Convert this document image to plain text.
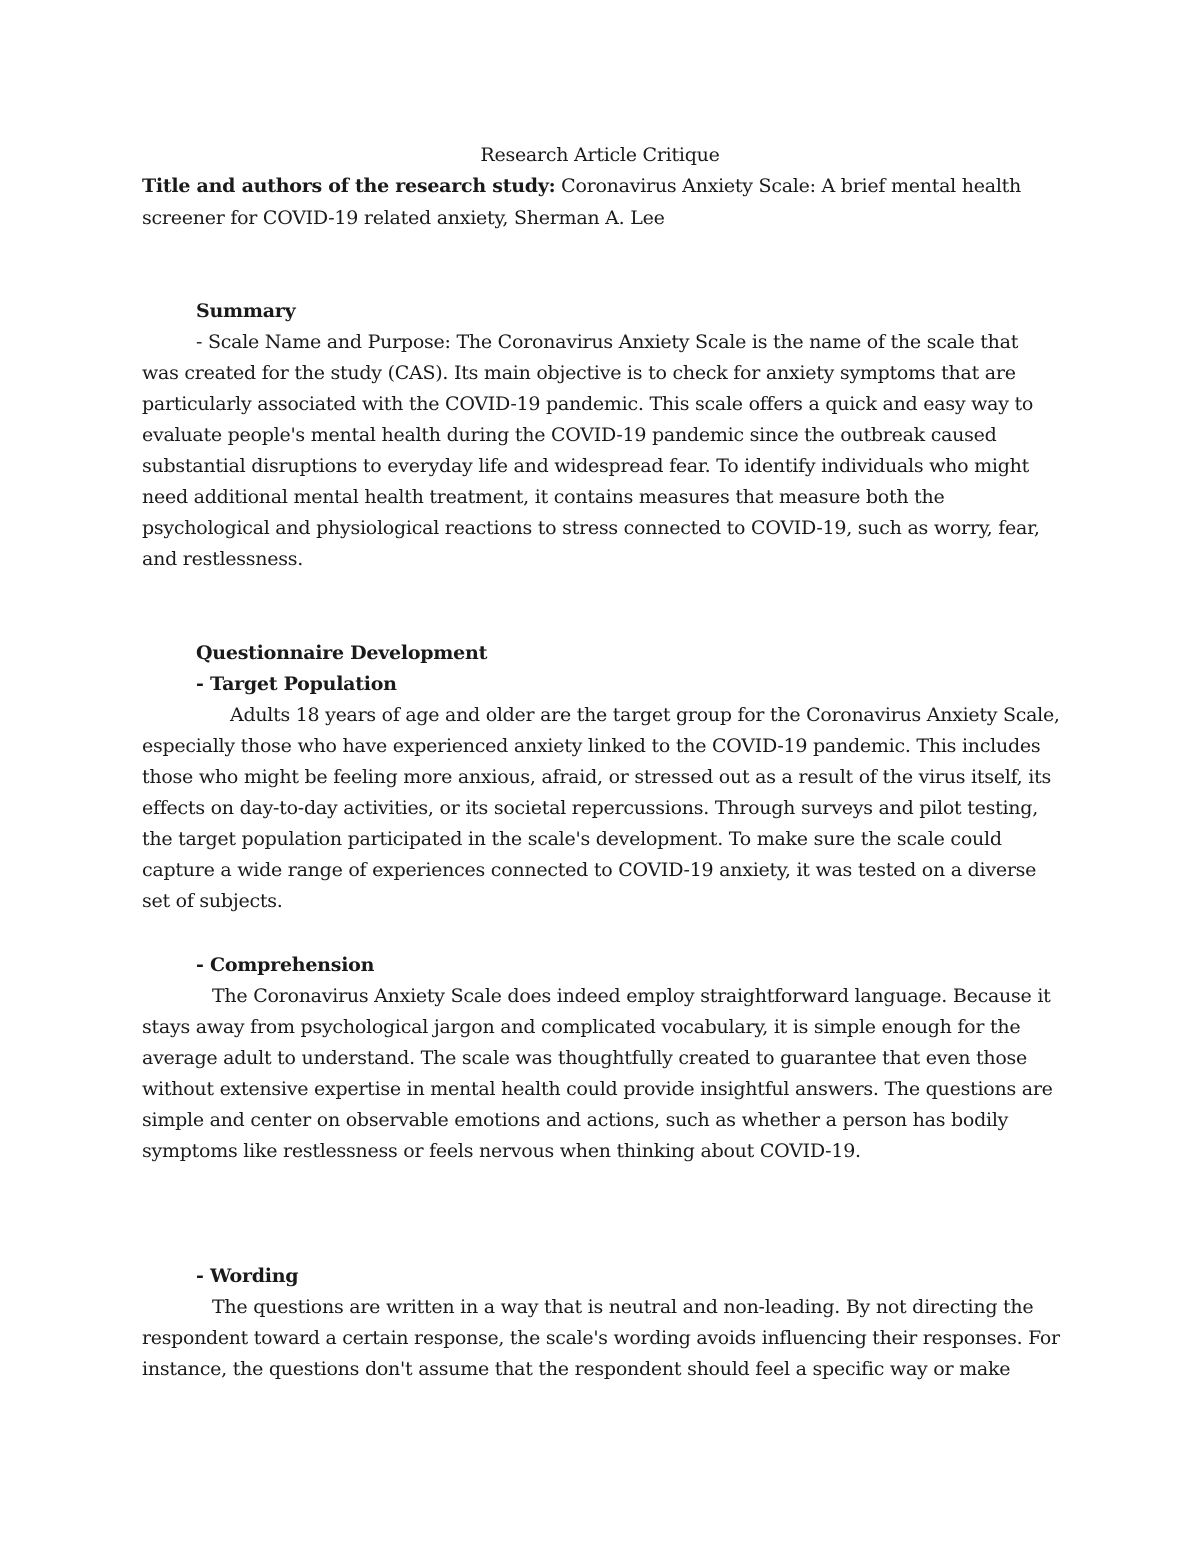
Research Article Critique
Title and authors of the research study: Coronavirus Anxiety Scale: A brief mental health
screener for COVID-19 related anxiety, Sherman A. Lee
Summary
- Scale Name and Purpose: The Coronavirus Anxiety Scale is the name of the scale that
was created for the study (CAS). Its main objective is to check for anxiety symptoms that are
particularly associated with the COVID-19 pandemic. This scale offers a quick and easy way to
evaluate people's mental health during the COVID-19 pandemic since the outbreak caused
substantial disruptions to everyday life and widespread fear. To identify individuals who might
need additional mental health treatment, it contains measures that measure both the
psychological and physiological reactions to stress connected to COVID-19, such as worry, fear,
and restlessness.
Questionnaire Development
- Target Population
Adults 18 years of age and older are the target group for the Coronavirus Anxiety Scale,
especially those who have experienced anxiety linked to the COVID-19 pandemic. This includes
those who might be feeling more anxious, afraid, or stressed out as a result of the virus itself, its
effects on day-to-day activities, or its societal repercussions. Through surveys and pilot testing,
the target population participated in the scale's development. To make sure the scale could
capture a wide range of experiences connected to COVID-19 anxiety, it was tested on a diverse
set of subjects.
- Comprehension
The Coronavirus Anxiety Scale does indeed employ straightforward language. Because it
stays away from psychological jargon and complicated vocabulary, it is simple enough for the
average adult to understand. The scale was thoughtfully created to guarantee that even those
without extensive expertise in mental health could provide insightful answers. The questions are
simple and center on observable emotions and actions, such as whether a person has bodily
symptoms like restlessness or feels nervous when thinking about COVID-19.
- Wording
The questions are written in a way that is neutral and non-leading. By not directing the
respondent toward a certain response, the scale's wording avoids influencing their responses. For
instance, the questions don't assume that the respondent should feel a specific way or make
